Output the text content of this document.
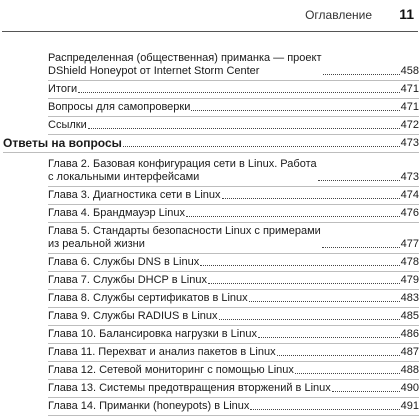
Оглавление 11
Распределенная (общественная) приманка — проект
DShield Honeypot от Internet Storm Center	458
Итоги	471
Вопросы для самопроверки	471
Ссылки	472
Ответы на вопросы	473
Глава 2. Базовая конфигурация сети в Linux. Работа
с локальными интерфейсами	473
Глава 3. Диагностика сети в Linux	474
Глава 4. Брандмауэр Linux	476
Глава 5. Стандарты безопасности Linux с примерами
из реальной жизни	477
Глава 6. Службы DNS в Linux	478
Глава 7. Службы DHCP в Linux	479
Глава 8. Службы сертификатов в Linux	483
Глава 9. Службы RADIUS в Linux	485
Глава 10. Балансировка нагрузки в Linux	486
Глава 11. Перехват и анализ пакетов в Linux	487
Глава 12. Сетевой мониторинг с помощью Linux	488
Глава 13. Системы предотвращения вторжений в Linux	490
Глава 14. Приманки (honeypots) в Linux	491
